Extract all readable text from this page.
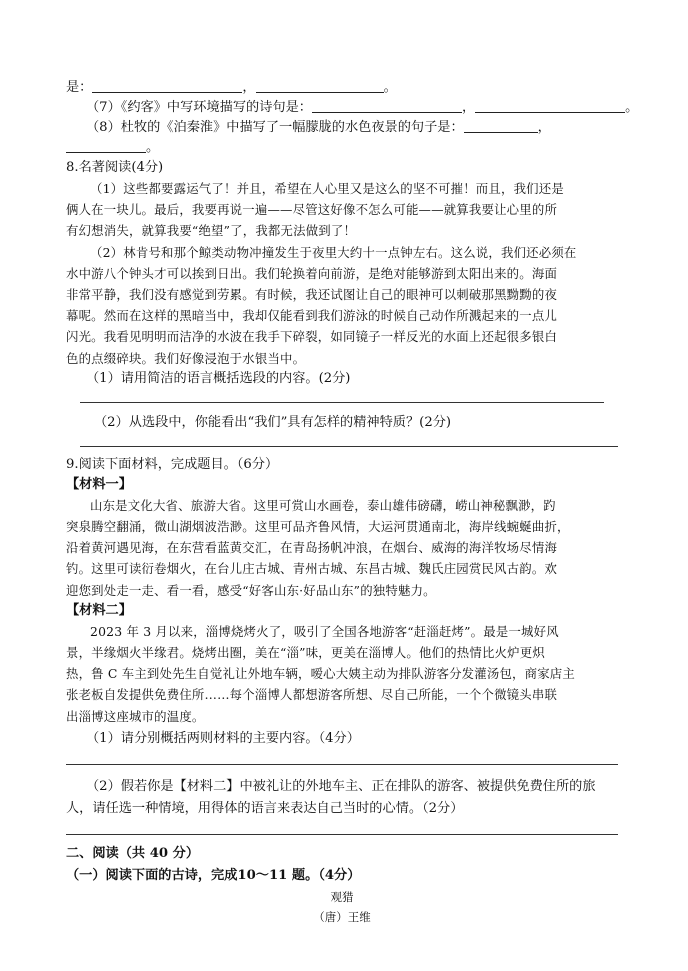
是：	，	。
（7）《约客》中写环境描写的诗句是：	，	。
（8）杜牧的《泊秦淮》中描写了一幅朦胧的水色夜景的句子是：	，
。
8.名著阅读(4分)
（1）这些都要露运气了！并且，希望在人心里又是这么的坚不可摧！而且，我们还是
俩人在一块儿。最后，我要再说一遍——尽管这好像不怎么可能——就算我要让心里的所
有幻想消失，就算我要“绝望”了，我都无法做到了！
（2）林肯号和那个鲸类动物冲撞发生于夜里大约十一点钟左右。这么说，我们还必须在
水中游八个钟头才可以挨到日出。我们轮换着向前游，是绝对能够游到太阳出来的。海面
非常平静，我们没有感觉到劳累。有时候，我还试图让自己的眼神可以刺破那黑黝黝的夜
幕呢。然而在这样的黑暗当中，我却仅能看到我们游泳的时候自己动作所溅起来的一点儿
闪光。我看见明明而洁净的水波在我手下碎裂，如同镜子一样反光的水面上还起很多银白
色的点缀碎块。我们好像浸泡于水银当中。
（1）请用简洁的语言概括选段的内容。(2分)
（2）从选段中，你能看出“我们”具有怎样的精神特质？(2分)
9.阅读下面材料，完成题目。（6分）
【材料一】
山东是文化大省、旅游大省。这里可赏山水画卷，泰山雄伟磅礴，崂山神秘飘渺，趵
突泉腾空翻涌，微山湖烟波浩渺。这里可品齐鲁风情，大运河贯通南北，海岸线蜿蜒曲折，
沿着黄河遇见海，在东营看蓝黄交汇，在青岛扬帆冲浪，在烟台、威海的海洋牧场尽情海
钓。这里可读衍卷烟火，在台儿庄古城、青州古城、东昌古城、魏氏庄园赏民风古韵。欢
迎您到处走一走、看一看，感受“好客山东·好品山东”的独特魅力。
【材料二】
2023 年 3 月以来，淄博烧烤火了，吸引了全国各地游客“赶淄赶烤”。最是一城好风
景，半缘烟火半缘君。烧烤出圈，美在“淄”味，更美在淄博人。他们的热情比火炉更炽
热，鲁 C 车主到处先生自觉礼让外地车辆，嗳心大姨主动为排队游客分发灌汤包，商家店主
张老板自发提供免费住所……每个淄博人都想游客所想、尽自己所能，一个个微镜头串联
出淄博这座城市的温度。
（1）请分别概括两则材料的主要内容。（4分）
（2）假若你是【材料二】中被礼让的外地车主、正在排队的游客、被提供免费住所的旅
人，请任选一种情境，用得体的语言来表达自己当时的心情。（2分）
二、阅读（共 40 分）
（一）阅读下面的古诗，完成10～11 题。（4分）
观猎
（唐）王维
